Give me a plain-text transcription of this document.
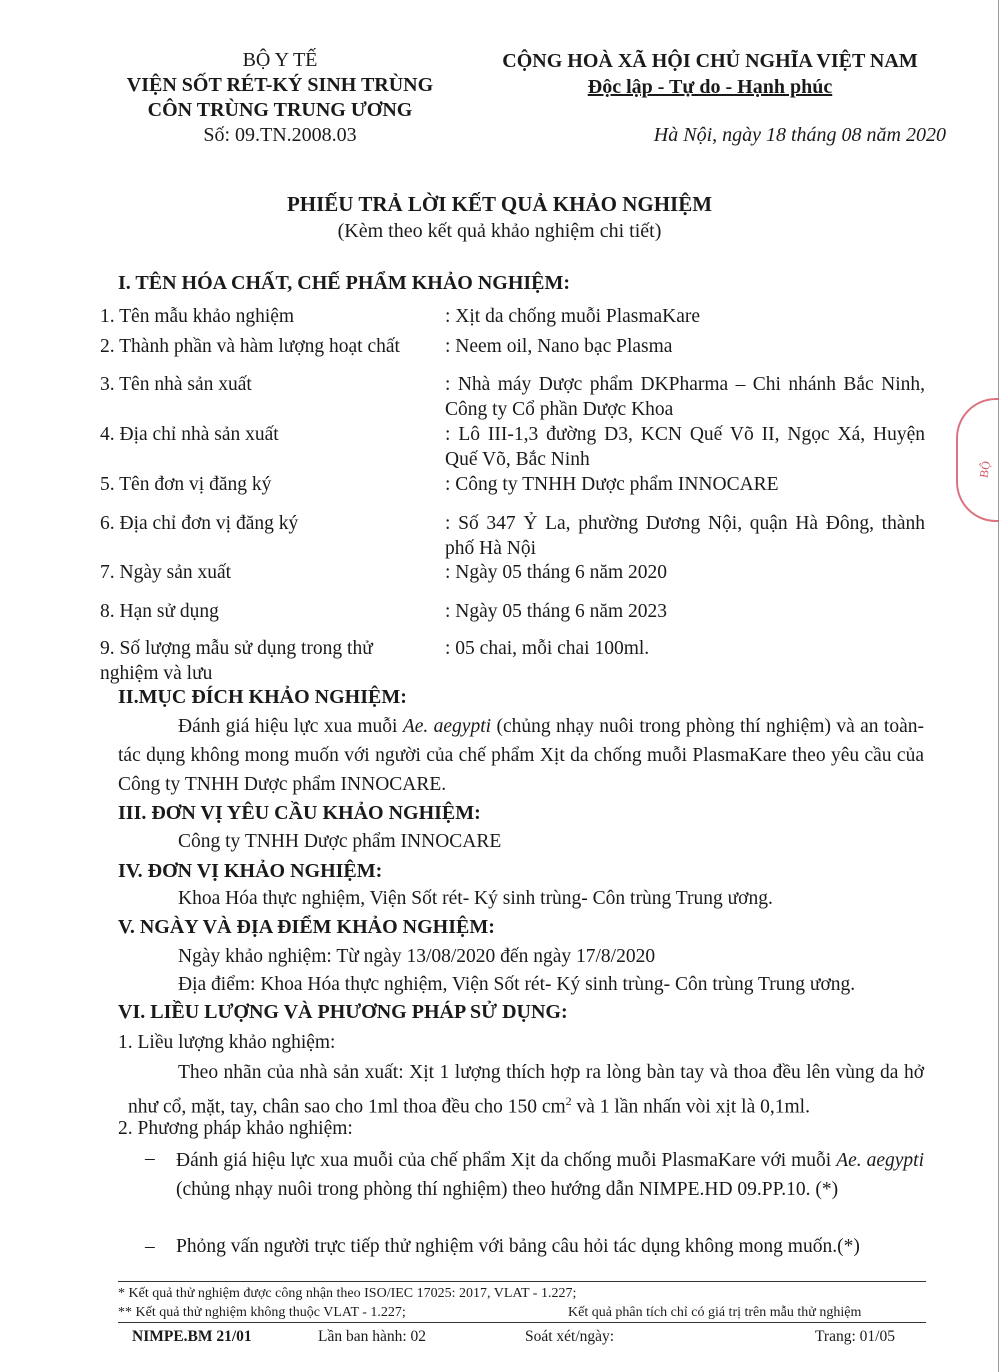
BỘ Y TẾ
VIỆN SỐT RÉT-KÝ SINH TRÙNG
CÔN TRÙNG TRUNG ƯƠNG
Số: 09.TN.2008.03
CỘNG HOÀ XÃ HỘI CHỦ NGHĨA VIỆT NAM
Độc lập - Tự do - Hạnh phúc
Hà Nội, ngày 18 tháng 08 năm 2020
PHIẾU TRẢ LỜI KẾT QUẢ KHẢO NGHIỆM
(Kèm theo kết quả khảo nghiệm chi tiết)
I. TÊN HÓA CHẤT, CHẾ PHẨM KHẢO NGHIỆM:
1. Tên mẫu khảo nghiệm	: Xịt da chống muỗi PlasmaKare
2. Thành phần và hàm lượng hoạt chất	: Neem oil, Nano bạc Plasma
3. Tên nhà sản xuất	: Nhà máy Dược phẩm DKPharma – Chi nhánh Bắc Ninh, Công ty Cổ phần Dược Khoa
4. Địa chỉ nhà sản xuất	: Lô III-1,3 đường D3, KCN Quế Võ II, Ngọc Xá, Huyện Quế Võ, Bắc Ninh
5. Tên đơn vị đăng ký	: Công ty TNHH Dược phẩm INNOCARE
6. Địa chỉ đơn vị đăng ký	: Số 347 Ỷ La, phường Dương Nội, quận Hà Đông, thành phố Hà Nội
7. Ngày sản xuất	: Ngày 05 tháng 6 năm 2020
8. Hạn sử dụng	: Ngày 05 tháng 6 năm 2023
9. Số lượng mẫu sử dụng trong thử nghiệm và lưu
: 05 chai, mỗi chai 100ml.
II.MỤC ĐÍCH KHẢO NGHIỆM:
Đánh giá hiệu lực xua muỗi Ae. aegypti (chủng nhạy nuôi trong phòng thí nghiệm) và an toàn- tác dụng không mong muốn với người của chế phẩm Xịt da chống muỗi PlasmaKare theo yêu cầu của Công ty TNHH Dược phẩm INNOCARE.
III. ĐƠN VỊ YÊU CẦU KHẢO NGHIỆM:
Công ty TNHH Dược phẩm INNOCARE
IV. ĐƠN VỊ KHẢO NGHIỆM:
Khoa Hóa thực nghiệm, Viện Sốt rét- Ký sinh trùng- Côn trùng Trung ương.
V. NGÀY VÀ ĐỊA ĐIỂM KHẢO NGHIỆM:
Ngày khảo nghiệm: Từ ngày 13/08/2020 đến ngày 17/8/2020
Địa điểm: Khoa Hóa thực nghiệm, Viện Sốt rét- Ký sinh trùng- Côn trùng Trung ương.
VI. LIỀU LƯỢNG VÀ PHƯƠNG PHÁP SỬ DỤNG:
1. Liều lượng khảo nghiệm:
Theo nhãn của nhà sản xuất: Xịt 1 lượng thích hợp ra lòng bàn tay và thoa đều lên vùng da hở như cổ, mặt, tay, chân sao cho 1ml thoa đều cho 150 $cm^2$ và 1 lần nhấn vòi xịt là 0,1ml.
2. Phương pháp khảo nghiệm:
– Đánh giá hiệu lực xua muỗi của chế phẩm Xịt da chống muỗi PlasmaKare với muỗi Ae. aegypti (chủng nhạy nuôi trong phòng thí nghiệm) theo hướng dẫn NIMPE.HD 09.PP.10. (*)
– Phỏng vấn người trực tiếp thử nghiệm với bảng câu hỏi tác dụng không mong muốn.(*)
* Kết quả thử nghiệm được công nhận theo ISO/IEC 17025: 2017, VLAT - 1.227;
** Kết quả thử nghiệm không thuộc VLAT - 1.227;	Kết quả phân tích chỉ có giá trị trên mẫu thử nghiệm
NIMPE.BM 21/01	Lần ban hành: 02	Soát xét/ngày:	Trang: 01/05
BỘ
